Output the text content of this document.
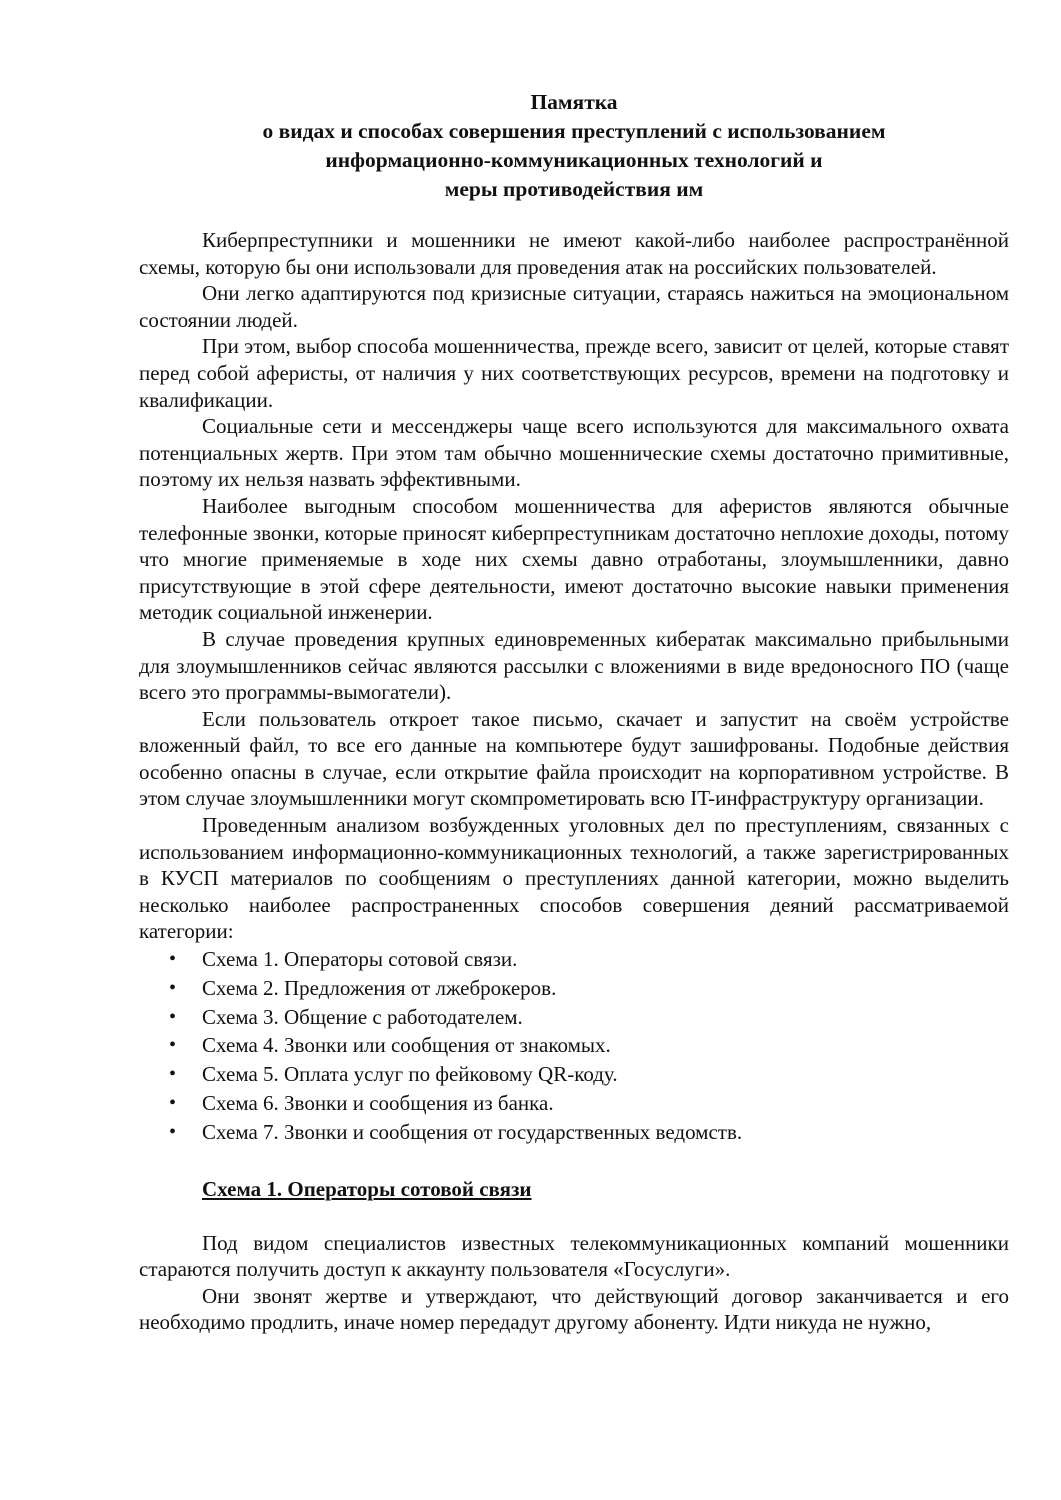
Памятка
о видах и способах совершения преступлений с использованием
информационно-коммуникационных технологий и
меры противодействия им

Киберпреступники и мошенники не имеют какой-либо наиболее распространённой схемы, которую бы они использовали для проведения атак на российских пользователей.

Они легко адаптируются под кризисные ситуации, стараясь нажиться на эмоциональном состоянии людей.

При этом, выбор способа мошенничества, прежде всего, зависит от целей, которые ставят перед собой аферисты, от наличия у них соответствующих ресурсов, времени на подготовку и квалификации.

Социальные сети и мессенджеры чаще всего используются для максимального охвата потенциальных жертв. При этом там обычно мошеннические схемы достаточно примитивные, поэтому их нельзя назвать эффективными.

Наиболее выгодным способом мошенничества для аферистов являются обычные телефонные звонки, которые приносят киберпреступникам достаточно неплохие доходы, потому что многие применяемые в ходе них схемы давно отработаны, злоумышленники, давно присутствующие в этой сфере деятельности, имеют достаточно высокие навыки применения методик социальной инженерии.

В случае проведения крупных единовременных кибератак максимально прибыльными для злоумышленников сейчас являются рассылки с вложениями в виде вредоносного ПО (чаще всего это программы-вымогатели).

Если пользователь откроет такое письмо, скачает и запустит на своём устройстве вложенный файл, то все его данные на компьютере будут зашифрованы. Подобные действия особенно опасны в случае, если открытие файла происходит на корпоративном устройстве. В этом случае злоумышленники могут скомпрометировать всю IT-инфраструктуру организации.

Проведенным анализом возбужденных уголовных дел по преступлениям, связанных с использованием информационно-коммуникационных технологий, а также зарегистрированных в КУСП материалов по сообщениям о преступлениях данной категории, можно выделить несколько наиболее распространенных способов совершения деяний рассматриваемой категории:

• Схема 1. Операторы сотовой связи.
• Схема 2. Предложения от лжеброкеров.
• Схема 3. Общение с работодателем.
• Схема 4. Звонки или сообщения от знакомых.
• Схема 5. Оплата услуг по фейковому QR-коду.
• Схема 6. Звонки и сообщения из банка.
• Схема 7. Звонки и сообщения от государственных ведомств.
Схема 1. Операторы сотовой связи

Под видом специалистов известных телекоммуникационных компаний мошенники стараются получить доступ к аккаунту пользователя «Госуслуги».

Они звонят жертве и утверждают, что действующий договор заканчивается и его необходимо продлить, иначе номер передадут другому абоненту. Идти никуда не нужно,
